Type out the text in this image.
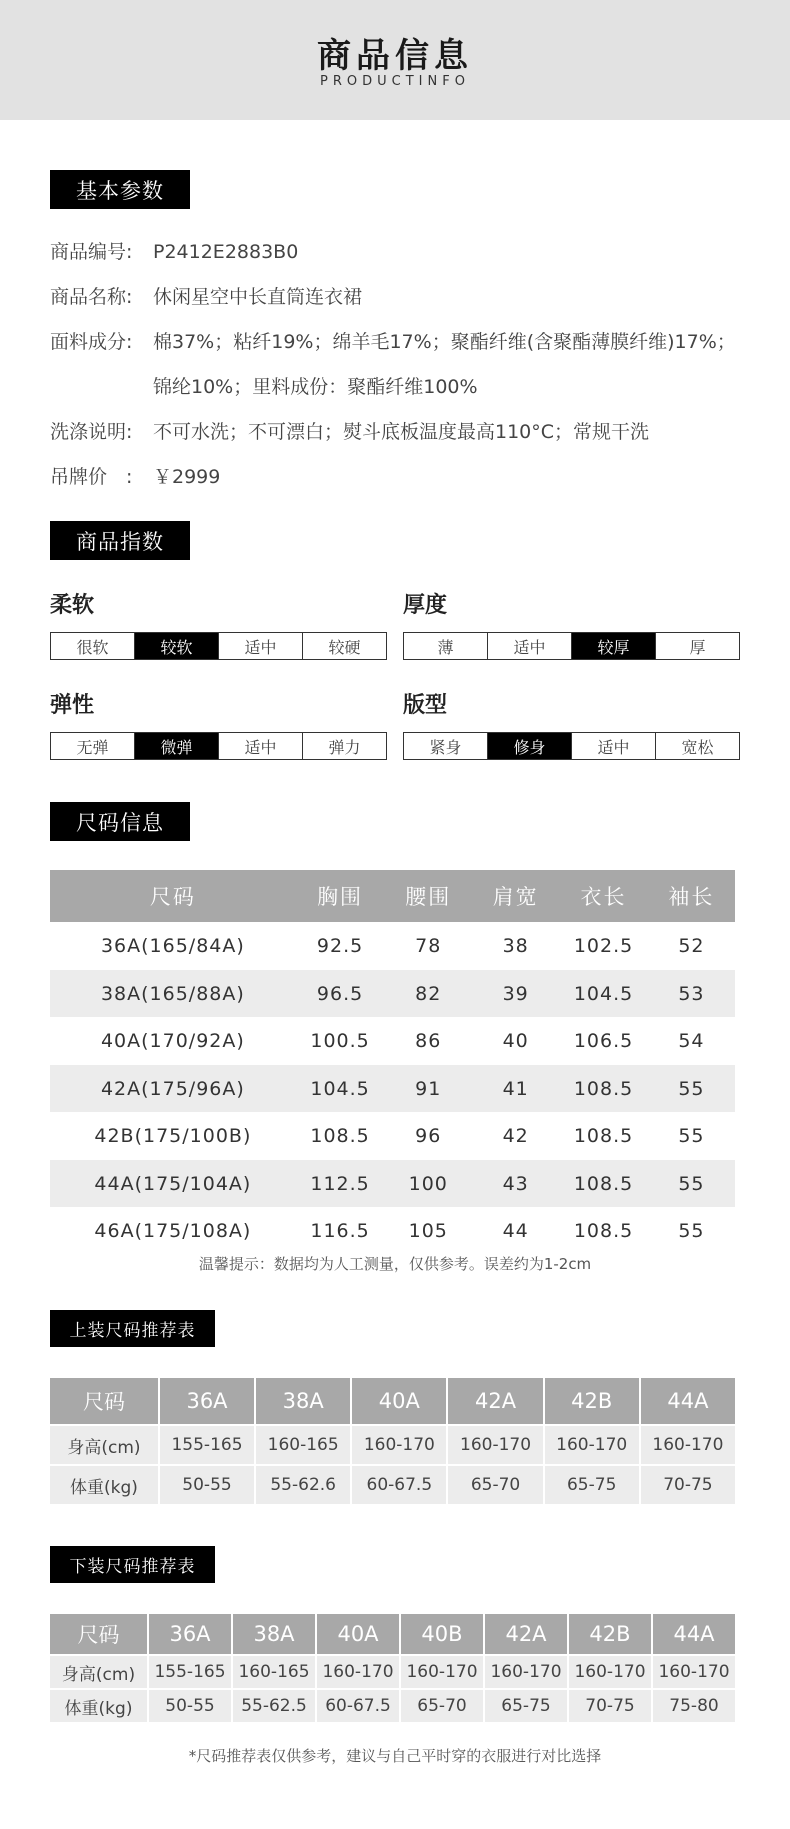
商品信息
PRODUCTINFO
基本参数
商品编号: P2412E2883B0
商品名称: 休闲星空中长直筒连衣裙
面料成分: 棉37%；粘纤19%；绵羊毛17%；聚酯纤维(含聚酯薄膜纤维)17%；
锦纶10%；里料成份：聚酯纤维100%
洗涤说明: 不可水洗；不可漂白；熨斗底板温度最高110°C；常规干洗
吊牌价　: ￥2999
商品指数
柔软
很软	较软	适中	较硬
厚度
薄	适中	较厚	厚
弹性
无弹	微弹	适中	弹力
版型
紧身	修身	适中	宽松
尺码信息
尺码	胸围	腰围	肩宽	衣长	袖长
36A(165/84A)	92.5	78	38	102.5	52
38A(165/88A)	96.5	82	39	104.5	53
40A(170/92A)	100.5	86	40	106.5	54
42A(175/96A)	104.5	91	41	108.5	55
42B(175/100B)	108.5	96	42	108.5	55
44A(175/104A)	112.5	100	43	108.5	55
46A(175/108A)	116.5	105	44	108.5	55
温馨提示：数据均为人工测量，仅供参考。误差约为1-2cm
上装尺码推荐表
尺码	36A	38A	40A	42A	42B	44A
身高(cm)	155-165	160-165	160-170	160-170	160-170	160-170
体重(kg)	50-55	55-62.6	60-67.5	65-70	65-75	70-75
下装尺码推荐表
尺码	36A	38A	40A	40B	42A	42B	44A
身高(cm)	155-165	160-165	160-170	160-170	160-170	160-170	160-170
体重(kg)	50-55	55-62.5	60-67.5	65-70	65-75	70-75	75-80
*尺码推荐表仅供参考，建议与自己平时穿的衣服进行对比选择
